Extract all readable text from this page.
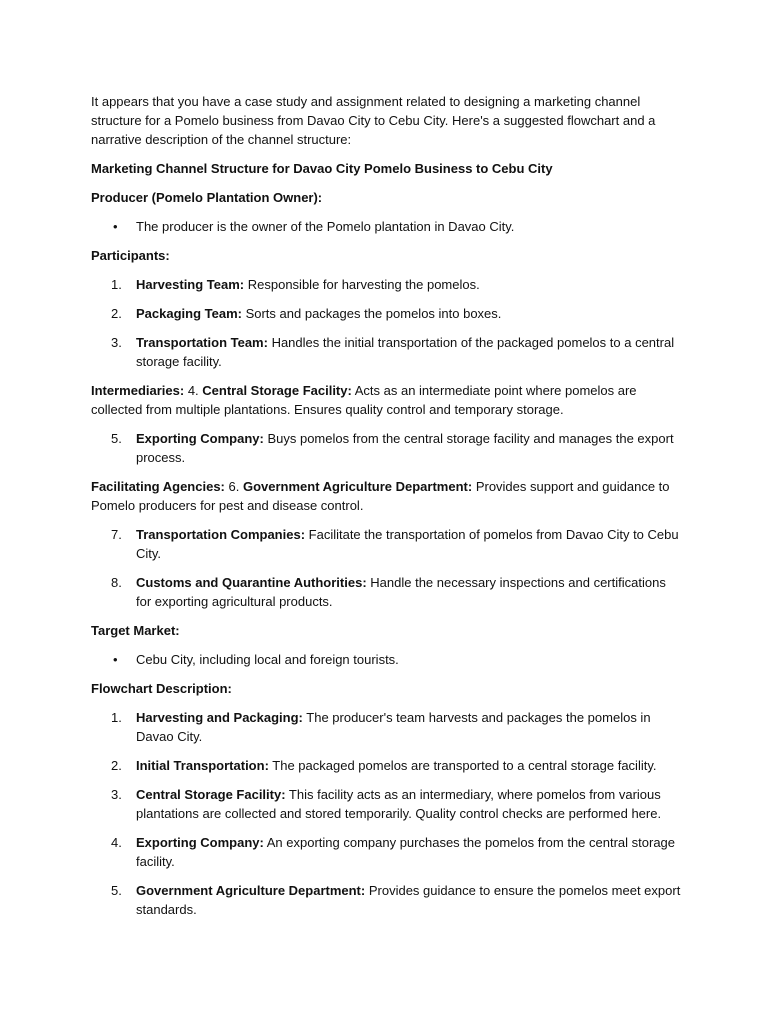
It appears that you have a case study and assignment related to designing a marketing channel structure for a Pomelo business from Davao City to Cebu City. Here's a suggested flowchart and a narrative description of the channel structure:

Marketing Channel Structure for Davao City Pomelo Business to Cebu City

Producer (Pomelo Plantation Owner):

• The producer is the owner of the Pomelo plantation in Davao City.

Participants:

1.	Harvesting Team: Responsible for harvesting the pomelos.
2.	Packaging Team: Sorts and packages the pomelos into boxes.
3.	Transportation Team: Handles the initial transportation of the packaged pomelos to a central storage facility.

Intermediaries: 4. Central Storage Facility: Acts as an intermediate point where pomelos are collected from multiple plantations. Ensures quality control and temporary storage.

5.	Exporting Company: Buys pomelos from the central storage facility and manages the export process.

Facilitating Agencies: 6. Government Agriculture Department: Provides support and guidance to Pomelo producers for pest and disease control.

7.	Transportation Companies: Facilitate the transportation of pomelos from Davao City to Cebu City.
8.	Customs and Quarantine Authorities: Handle the necessary inspections and certifications for exporting agricultural products.

Target Market:

• Cebu City, including local and foreign tourists.

Flowchart Description:

1.	Harvesting and Packaging: The producer's team harvests and packages the pomelos in Davao City.
2.	Initial Transportation: The packaged pomelos are transported to a central storage facility.
3.	Central Storage Facility: This facility acts as an intermediary, where pomelos from various plantations are collected and stored temporarily. Quality control checks are performed here.
4.	Exporting Company: An exporting company purchases the pomelos from the central storage facility.
5.	Government Agriculture Department: Provides guidance to ensure the pomelos meet export standards.
